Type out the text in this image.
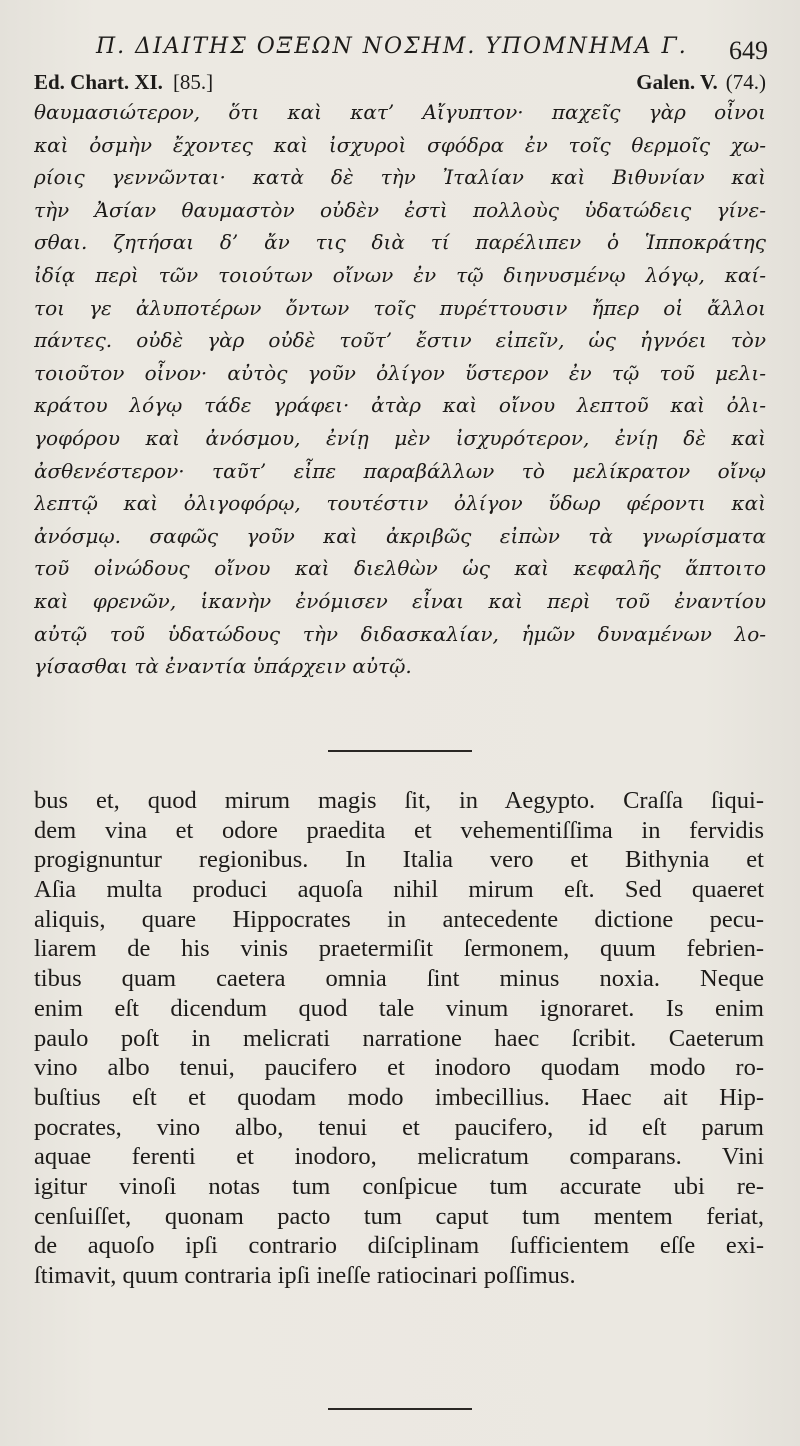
Π. ΔΙΑΙΤΗΣ ΟΞΕΩΝ ΝΟΣΗΜ. ΥΠΟΜΝΗΜΑ Γ. 649
Ed. Chart. XI. [85.]	Galen. V. (74.)
θαυμασιώτερον, ὅτι καὶ κατ’ Αἴγυπτον· παχεῖς γὰρ οἶνοι
καὶ ὀσμὴν ἔχοντες καὶ ἰσχυροὶ σφόδρα ἐν τοῖς θερμοῖς χω-
ρίοις γεννῶνται· κατὰ δὲ τὴν Ἰταλίαν καὶ Βιθυνίαν καὶ
τὴν Ἀσίαν θαυμαστὸν οὐδὲν ἐστὶ πολλοὺς ὑδατώδεις γίνε-
σθαι. ζητήσαι δ’ ἄν τις διὰ τί παρέλιπεν ὁ Ἱπποκράτης
ἰδίᾳ περὶ τῶν τοιούτων οἴνων ἐν τῷ διηνυσμένῳ λόγῳ, καί-
τοι γε ἀλυποτέρων ὄντων τοῖς πυρέττουσιν ἤπερ οἱ ἄλλοι
πάντες. οὐδὲ γὰρ οὐδὲ τοῦτ’ ἔστιν εἰπεῖν, ὡς ἠγνόει τὸν
τοιοῦτον οἶνον· αὐτὸς γοῦν ὀλίγον ὕστερον ἐν τῷ τοῦ μελι-
κράτου λόγῳ τάδε γράφει· ἀτὰρ καὶ οἴνου λεπτοῦ καὶ ὀλι-
γοφόρου καὶ ἀνόσμου, ἐνίῃ μὲν ἰσχυρότερον, ἐνίῃ δὲ καὶ
ἀσθενέστερον· ταῦτ’ εἶπε παραβάλλων τὸ μελίκρατον οἴνῳ
λεπτῷ καὶ ὀλιγοφόρῳ, τουτέστιν ὀλίγον ὕδωρ φέροντι καὶ
ἀνόσμῳ. σαφῶς γοῦν καὶ ἀκριβῶς εἰπὼν τὰ γνωρίσματα
τοῦ οἰνώδους οἴνου καὶ διελθὼν ὡς καὶ κεφαλῆς ἅπτοιτο
καὶ φρενῶν, ἱκανὴν ἐνόμισεν εἶναι καὶ περὶ τοῦ ἐναντίου
αὐτῷ τοῦ ὑδατώδους τὴν διδασκαλίαν, ἡμῶν δυναμένων λο-
γίσασθαι τὰ ἐναντία ὑπάρχειν αὐτῷ.
bus et, quod mirum magis ſit, in Aegypto. Craſſa ſiqui-
dem vina et odore praedita et vehementiſſima in fervidis
progignuntur regionibus. In Italia vero et Bithynia et
Aſia multa produci aquoſa nihil mirum eſt. Sed quaeret
aliquis, quare Hippocrates in antecedente dictione pecu-
liarem de his vinis praetermiſit ſermonem, quum febrien-
tibus quam caetera omnia ſint minus noxia. Neque
enim eſt dicendum quod tale vinum ignoraret. Is enim
paulo poſt in melicrati narratione haec ſcribit. Caeterum
vino albo tenui, paucifero et inodoro quodam modo ro-
buſtius eſt et quodam modo imbecillius. Haec ait Hip-
pocrates, vino albo, tenui et paucifero, id eſt parum
aquae ferenti et inodoro, melicratum comparans. Vini
igitur vinoſi notas tum conſpicue tum accurate ubi re-
cenſuiſſet, quonam pacto tum caput tum mentem feriat,
de aquoſo ipſi contrario diſciplinam ſufficientem eſſe exi-
ſtimavit, quum contraria ipſi ineſſe ratiocinari poſſimus.
